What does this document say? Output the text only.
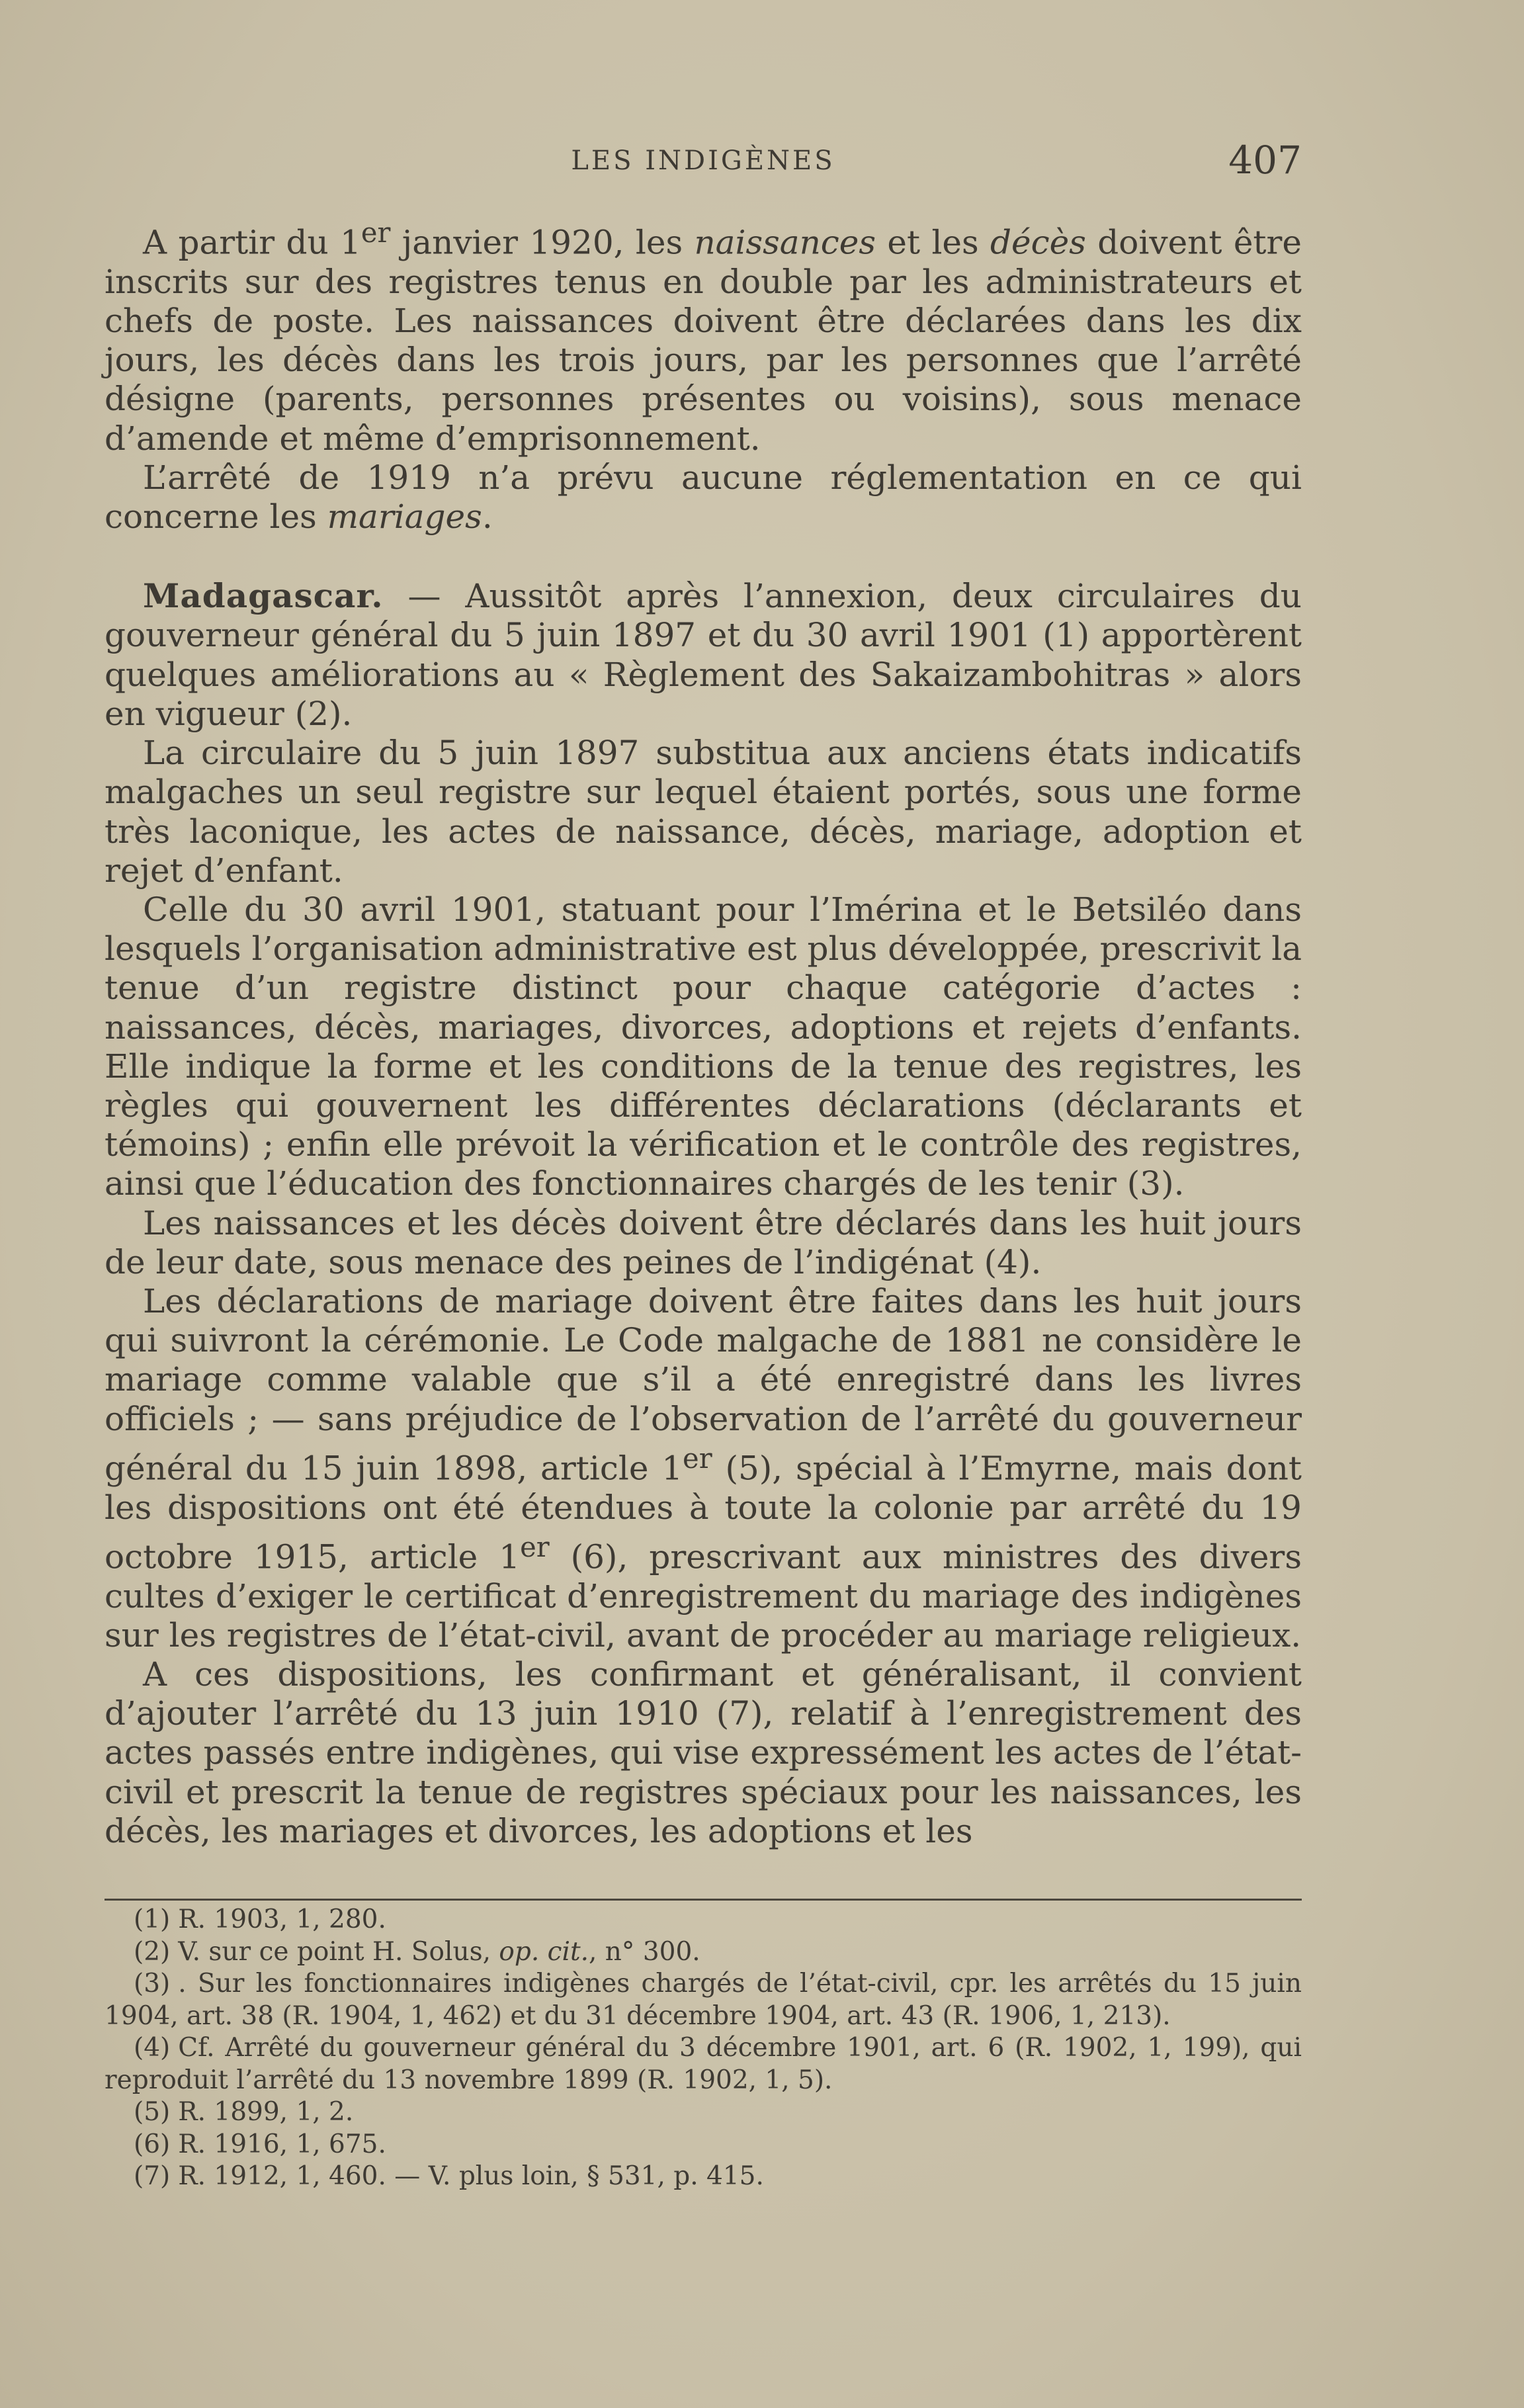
LES INDIGÈNES	407

A partir du 1er janvier 1920, les naissances et les décès doivent être inscrits sur des registres tenus en double par les administrateurs et chefs de poste. Les naissances doivent être déclarées dans les dix jours, les décès dans les trois jours, par les personnes que l’arrêté désigne (parents, personnes présentes ou voisins), sous menace d’amende et même d’emprisonnement.

L’arrêté de 1919 n’a prévu aucune réglementation en ce qui concerne les mariages.

Madagascar. — Aussitôt après l’annexion, deux circulaires du gouverneur général du 5 juin 1897 et du 30 avril 1901 (1) apportèrent quelques améliorations au « Règlement des Sakaizambohitras » alors en vigueur (2).

La circulaire du 5 juin 1897 substitua aux anciens états indicatifs malgaches un seul registre sur lequel étaient portés, sous une forme très laconique, les actes de naissance, décès, mariage, adoption et rejet d’enfant.

Celle du 30 avril 1901, statuant pour l’Imérina et le Betsiléo dans lesquels l’organisation administrative est plus développée, prescrivit la tenue d’un registre distinct pour chaque catégorie d’actes : naissances, décès, mariages, divorces, adoptions et rejets d’enfants. Elle indique la forme et les conditions de la tenue des registres, les règles qui gouvernent les différentes déclarations (déclarants et témoins) ; enfin elle prévoit la vérification et le contrôle des registres, ainsi que l’éducation des fonctionnaires chargés de les tenir (3).

Les naissances et les décès doivent être déclarés dans les huit jours de leur date, sous menace des peines de l’indigénat (4).

Les déclarations de mariage doivent être faites dans les huit jours qui suivront la cérémonie. Le Code malgache de 1881 ne considère le mariage comme valable que s’il a été enregistré dans les livres officiels ; — sans préjudice de l’observation de l’arrêté du gouverneur général du 15 juin 1898, article 1er (5), spécial à l’Emyrne, mais dont les dispositions ont été étendues à toute la colonie par arrêté du 19 octobre 1915, article 1er (6), prescrivant aux ministres des divers cultes d’exiger le certificat d’enregistrement du mariage des indigènes sur les registres de l’état-civil, avant de procéder au mariage religieux.

A ces dispositions, les confirmant et généralisant, il convient d’ajouter l’arrêté du 13 juin 1910 (7), relatif à l’enregistrement des actes passés entre indigènes, qui vise expressément les actes de l’état-civil et prescrit la tenue de registres spéciaux pour les naissances, les décès, les mariages et divorces, les adoptions et les

(1) R. 1903, 1, 280.

(2) V. sur ce point H. Solus, op. cit., n° 300.

(3) . Sur les fonctionnaires indigènes chargés de l’état-civil, cpr. les arrêtés du 15 juin 1904, art. 38 (R. 1904, 1, 462) et du 31 décembre 1904, art. 43 (R. 1906, 1, 213).

(4) Cf. Arrêté du gouverneur général du 3 décembre 1901, art. 6 (R. 1902, 1, 199), qui reproduit l’arrêté du 13 novembre 1899 (R. 1902, 1, 5).

(5) R. 1899, 1, 2.

(6) R. 1916, 1, 675.

(7) R. 1912, 1, 460. — V. plus loin, § 531, p. 415.
